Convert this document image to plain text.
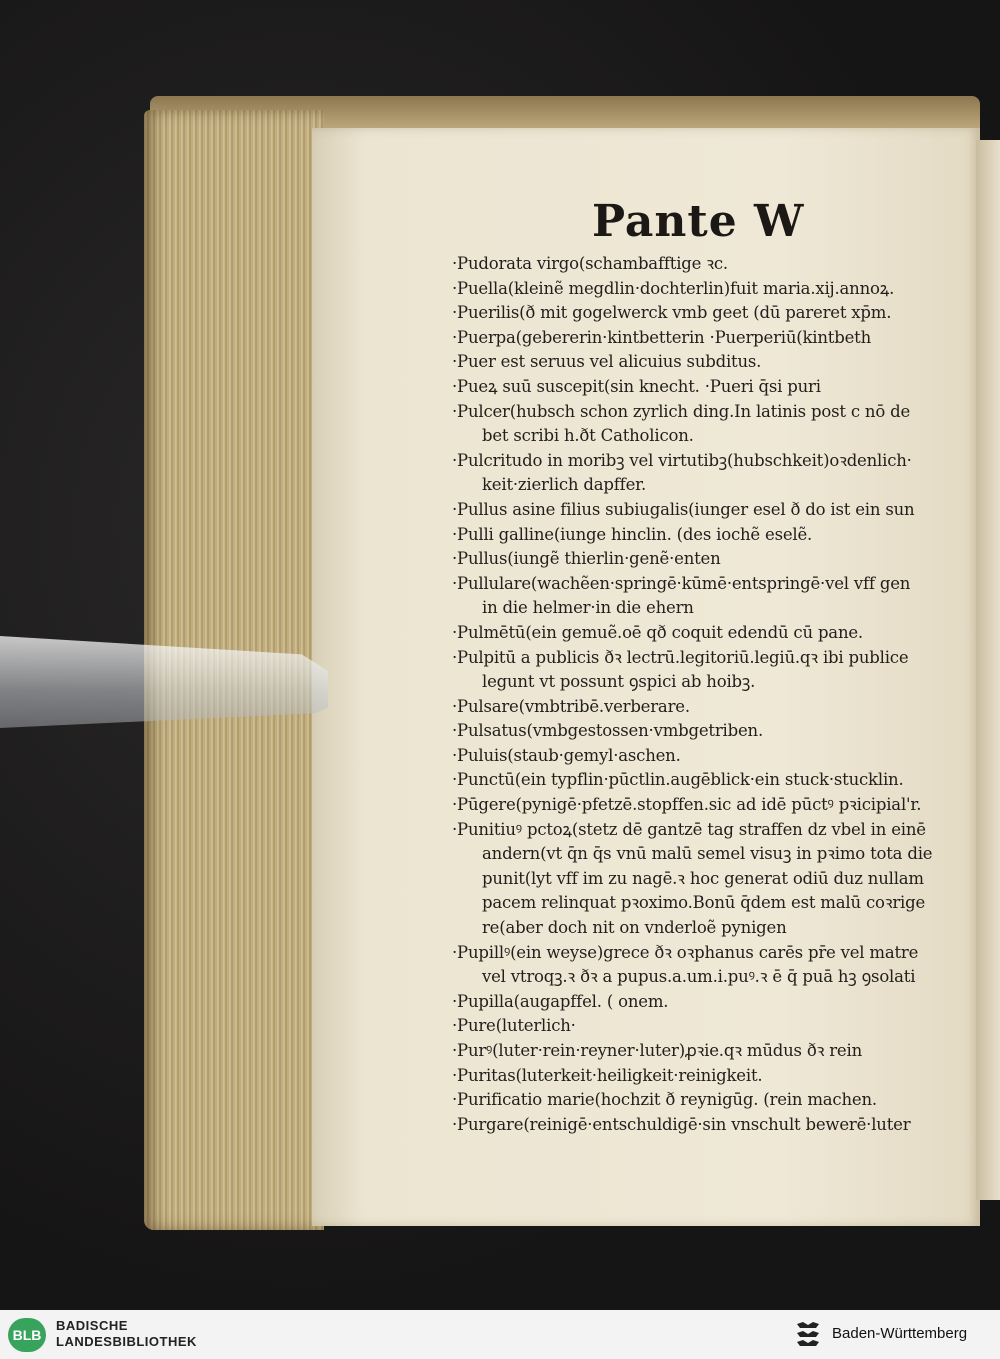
Pante W
·Pudorata virgo(schambafftige ꝛc.
·Puella(kleinẽ megdlin·dochterlin)fuit maria.xij.annoꝝ.
·Puerilis(ð mit gogelwerck vmb geet (dū pareret xp̄m.
·Puerpa(gebererin·kintbetterin ·Puerperiū(kintbeth
·Puer est seruus vel alicuius subditus.
·Pueꝝ suū suscepit(sin knecht. ·Pueri q̄si puri
·Pulcer(hubsch schon zyrlich ding.In latinis post c nō de
bet scribi h.ðt Catholicon.
·Pulcritudo in moribꝫ vel virtutibꝫ(hubschkeit)oꝛdenlich·
keit·zierlich dapffer.
·Pullus asine filius subiugalis(iunger esel ð do ist ein sun
·Pulli galline(iunge hinclin. (des iochẽ eselẽ.
·Pullus(iungẽ thierlin·genẽ·enten
·Pullulare(wachẽen·springē·kūmē·entspringē·vel vff gen
in die helmer·in die ehern
·Pulmētū(ein gemuẽ.oē qð coquit edendū cū pane.
·Pulpitū a publicis ðꝛ lectrū.legitoriū.legiū.qꝛ ibi publice
legunt vt possunt ꝯspici ab hoibꝫ.
·Pulsare(vmbtribē.verberare.
·Pulsatus(vmbgestossen·vmbgetriben.
·Puluis(staub·gemyl·aschen.
·Punctū(ein typflin·pūctlin.augēblick·ein stuck·stucklin.
·Pūgere(pynigē·pfetzē.stopffen.sic ad idē pūctꝰ pꝛicipial'r.
·Punitiuꝰ pctoꝝ(stetz dē gantzē tag straffen dz vbel in einē
andern(vt q̄n q̄s vnū malū semel visuꝫ in pꝛimo tota die
punit(lyt vff im zu nagē.ꝛ hoc generat odiū duz nullam
pacem relinquat pꝛoximo.Bonū q̄dem est malū coꝛrige
re(aber doch nit on vnderloẽ pynigen
·Pupillꝰ(ein weyse)grece ðꝛ oꝛphanus carēs pr̄e vel matre
vel vtroqꝫ.ꝛ ðꝛ a pupus.a.um.i.puꝰ.ꝛ ē q̄ puā hꝫ ꝯsolati
·Pupilla(augapffel. ( onem.
·Pure(luterlich·
·Purꝰ(luter·rein·reyner·luter)ꝓꝛie.qꝛ mūdus ðꝛ rein
·Puritas(luterkeit·heiligkeit·reinigkeit.
·Purificatio marie(hochzit ð reynigūg. (rein machen.
·Purgare(reinigē·entschuldigē·sin vnschult bewerē·luter
BLB
BADISCHE
LANDESBIBLIOTHEK	Baden-Württemberg
